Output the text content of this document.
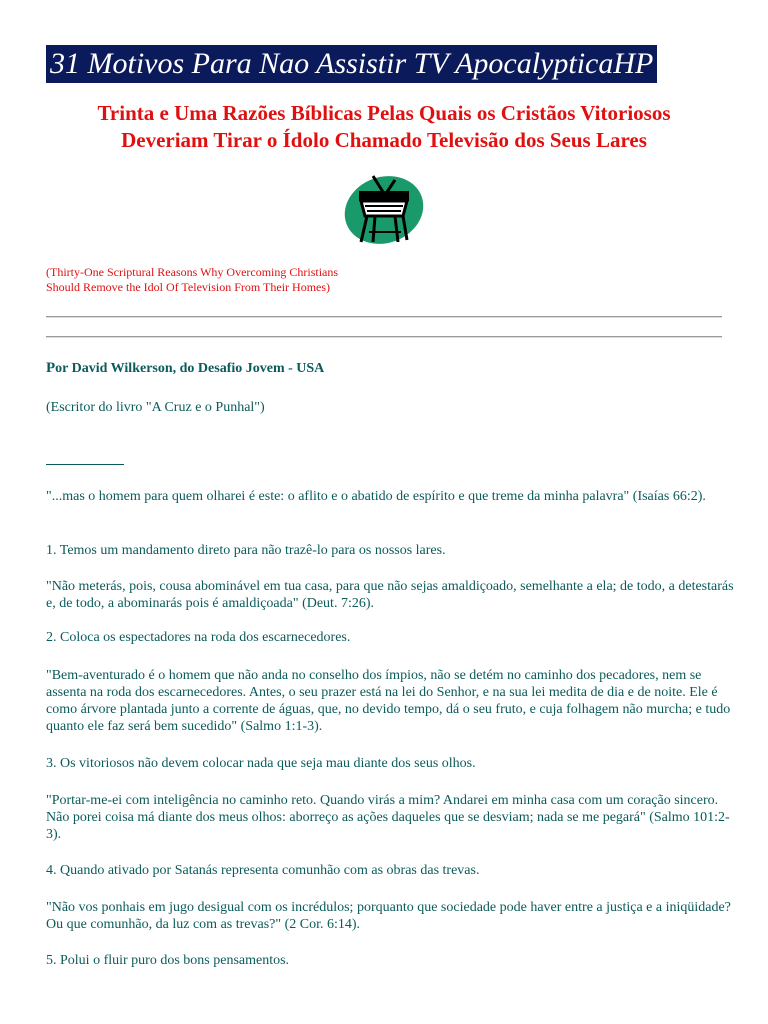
31 Motivos Para Nao Assistir TV ApocalypticaHP
Trinta e Uma Razões Bíblicas Pelas Quais os Cristãos Vitoriosos
Deveriam Tirar o Ídolo Chamado Televisão dos Seus Lares
(Thirty-One Scriptural Reasons Why Overcoming Christians
Should Remove the Idol Of Television From Their Homes)
Por David Wilkerson, do Desafio Jovem - USA
(Escritor do livro "A Cruz e o Punhal")
"...mas o homem para quem olharei é este: o aflito e o abatido de espírito e que treme da minha palavra" (Isaías 66:2).
1. Temos um mandamento direto para não trazê-lo para os nossos lares.
"Não meterás, pois, cousa abominável em tua casa, para que não sejas amaldiçoado, semelhante a ela; de todo, a detestarás e, de todo, a abominarás pois é amaldiçoada" (Deut. 7:26).
2. Coloca os espectadores na roda dos escarnecedores.
"Bem-aventurado é o homem que não anda no conselho dos ímpios, não se detém no caminho dos pecadores, nem se assenta na roda dos escarnecedores. Antes, o seu prazer está na lei do Senhor, e na sua lei medita de dia e de noite. Ele é como árvore plantada junto a corrente de águas, que, no devido tempo, dá o seu fruto, e cuja folhagem não murcha; e tudo quanto ele faz será bem sucedido" (Salmo 1:1-3).
3. Os vitoriosos não devem colocar nada que seja mau diante dos seus olhos.
"Portar-me-ei com inteligência no caminho reto. Quando virás a mim? Andarei em minha casa com um coração sincero. Não porei coisa má diante dos meus olhos: aborreço as ações daqueles que se desviam; nada se me pegará" (Salmo 101:2-3).
4. Quando ativado por Satanás representa comunhão com as obras das trevas.
"Não vos ponhais em jugo desigual com os incrédulos; porquanto que sociedade pode haver entre a justiça e a iniqüidade? Ou que comunhão, da luz com as trevas?" (2 Cor. 6:14).
5. Polui o fluir puro dos bons pensamentos.
